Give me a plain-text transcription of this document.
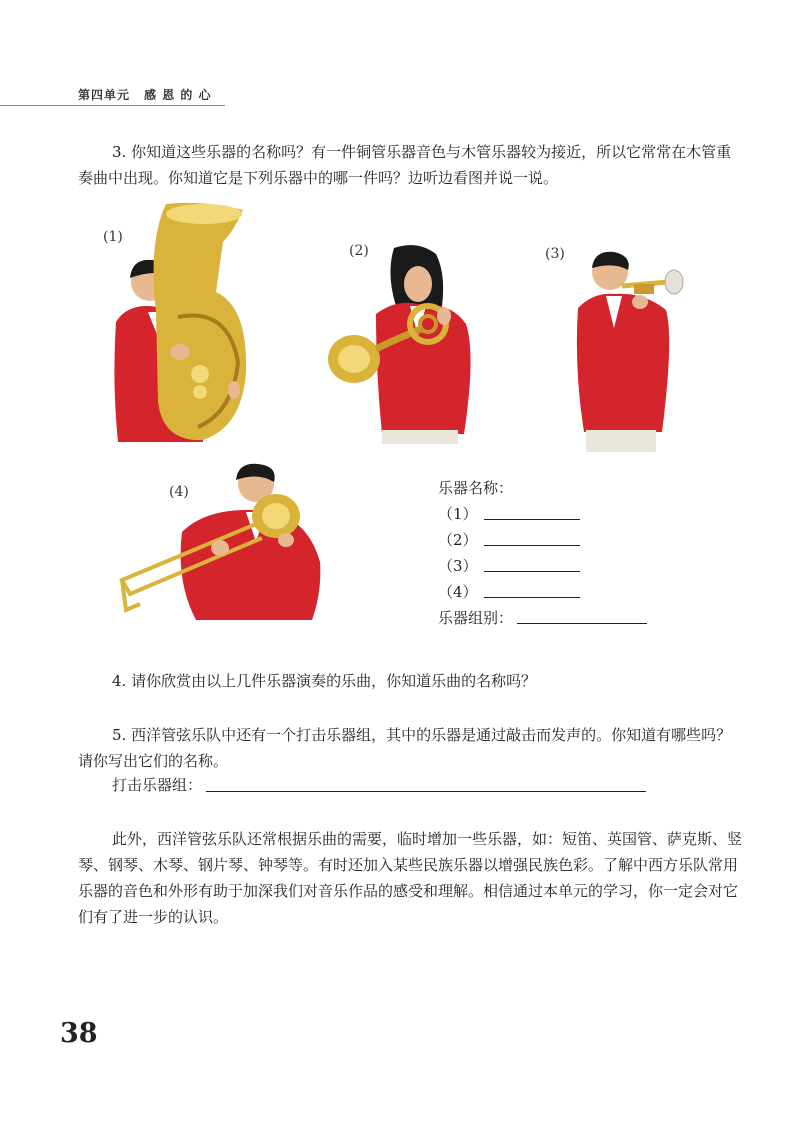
第四单元 感 恩 的 心
3. 你知道这些乐器的名称吗？有一件铜管乐器音色与木管乐器较为接近，所以它常常在木管重奏曲中出现。你知道它是下列乐器中的哪一件吗？边听边看图并说一说。
(1)
(2)	(3)
(4)	乐器名称：
（1）
（2）
（3）
（4）
乐器组别：
4. 请你欣赏由以上几件乐器演奏的乐曲，你知道乐曲的名称吗？
5. 西洋管弦乐队中还有一个打击乐器组，其中的乐器是通过敲击而发声的。你知道有哪些吗？请你写出它们的名称。
打击乐器组：
此外，西洋管弦乐队还常根据乐曲的需要，临时增加一些乐器，如：短笛、英国管、萨克斯、竖琴、钢琴、木琴、钢片琴、钟琴等。有时还加入某些民族乐器以增强民族色彩。了解中西方乐队常用乐器的音色和外形有助于加深我们对音乐作品的感受和理解。相信通过本单元的学习，你一定会对它们有了进一步的认识。
38
